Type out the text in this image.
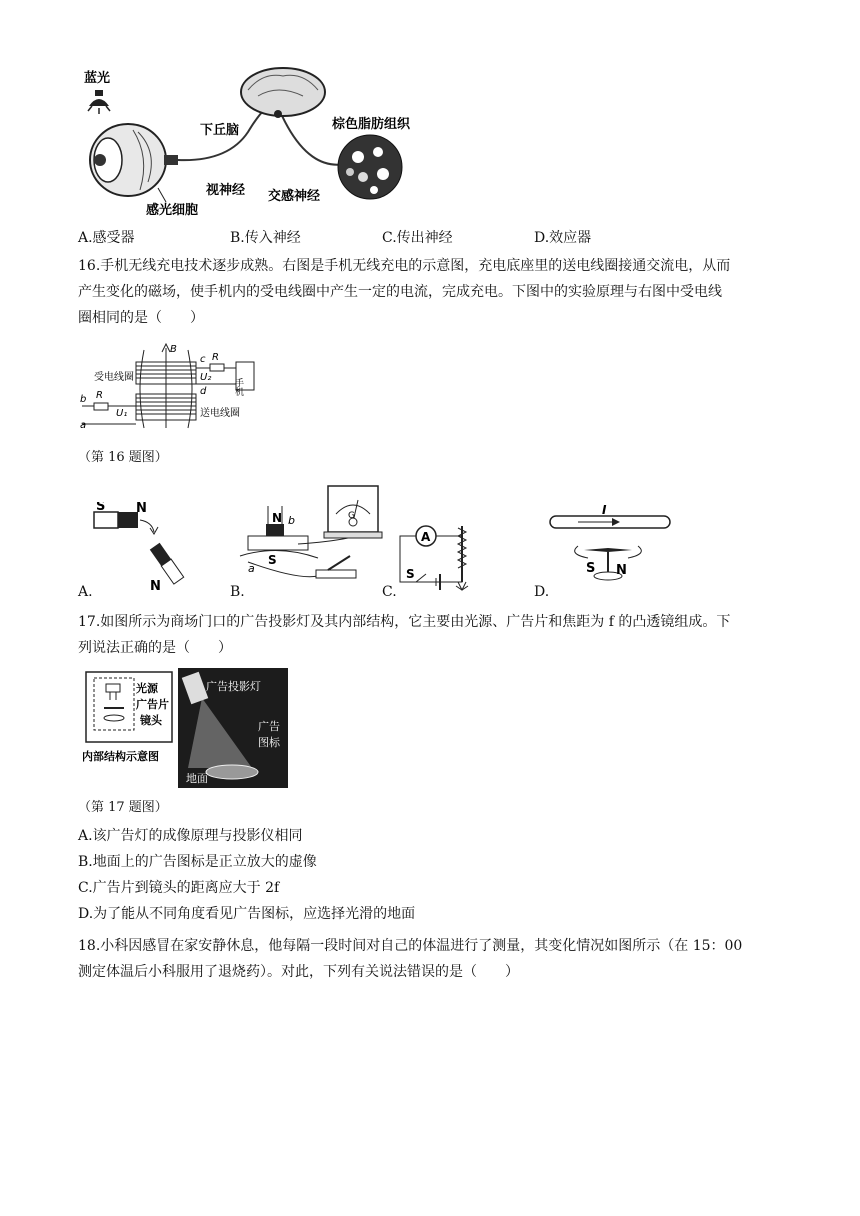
蓝光
下丘脑	棕色脂肪组织
视神经 交感神经
感光细胞
A.感受器	B.传入神经	C.传出神经	D.效应器
16.手机无线充电技术逐步成熟。右图是手机无线充电的示意图，充电底座里的送电线圈接通交流电，从而
产生变化的磁场，使手机内的受电线圈中产生一定的电流，完成充电。下图中的实验原理与右图中受电线
圈相同的是（　　）
B
c R
U₂
d	手机
受电线圈
b R
U₁
a
送电线圈
（第 16 题图）
S N
N
N b
a
S
G
A
S
I
S N
A.	B.	C.	D.
17.如图所示为商场门口的广告投影灯及其内部结构，它主要由光源、广告片和焦距为 f 的凸透镜组成。下
列说法正确的是（　　）
光源
广告片
镜头
内部结构示意图
广告投影灯
广告
图标
地面
（第 17 题图）
A.该广告灯的成像原理与投影仪相同
B.地面上的广告图标是正立放大的虚像
C.广告片到镜头的距离应大于 2f
D.为了能从不同角度看见广告图标，应选择光滑的地面
18.小科因感冒在家安静休息，他每隔一段时间对自己的体温进行了测量，其变化情况如图所示（在 15：00
测定体温后小科服用了退烧药）。对此，下列有关说法错误的是（　　）
